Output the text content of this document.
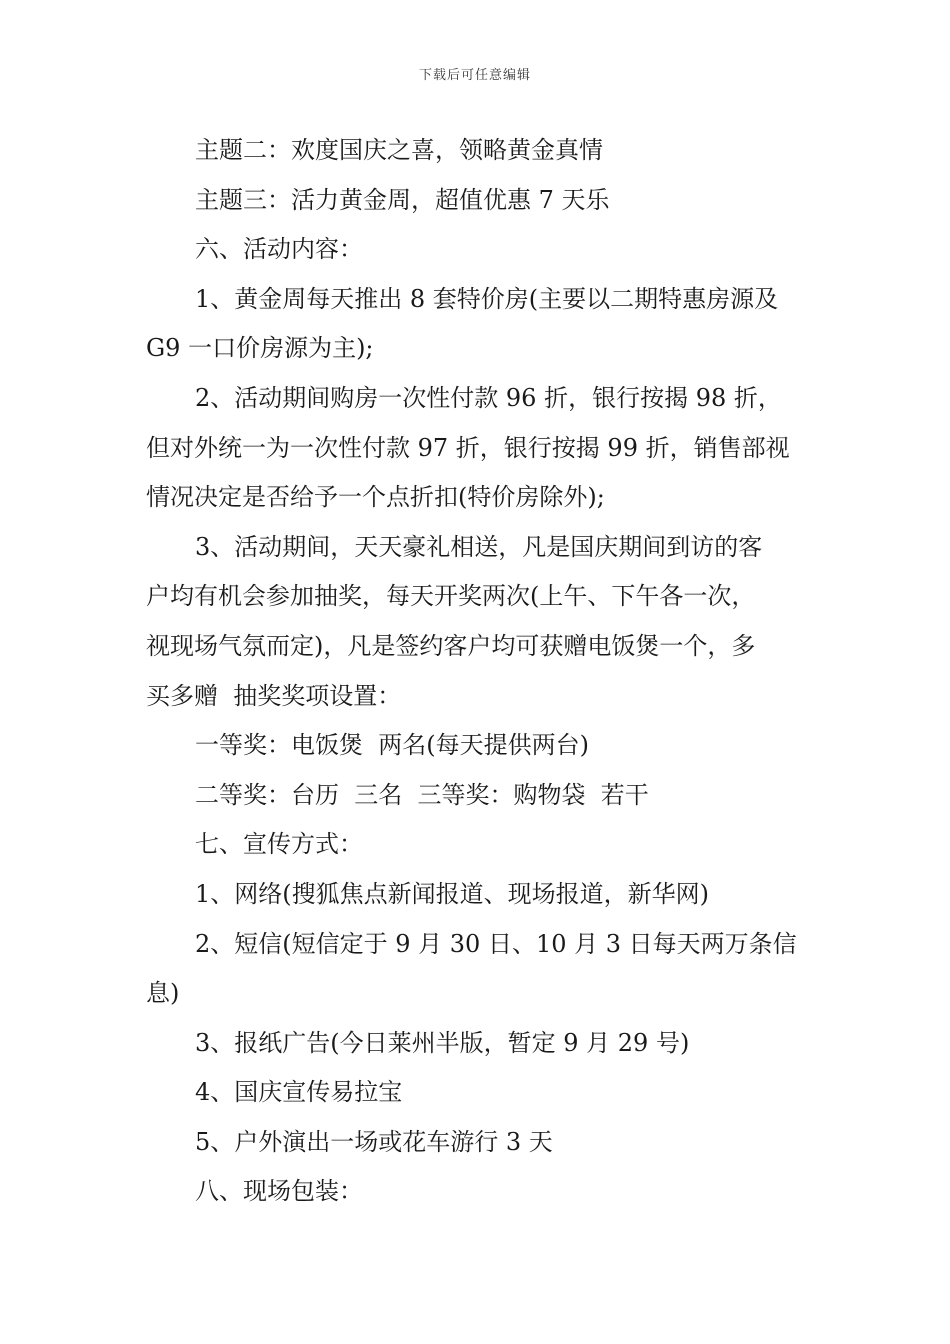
下载后可任意编辑
主题二：欢度国庆之喜，领略黄金真情
主题三：活力黄金周，超值优惠 7 天乐
六、活动内容：
1、黄金周每天推出 8 套特价房(主要以二期特惠房源及
G9 一口价房源为主);
2、活动期间购房一次性付款 96 折，银行按揭 98 折，
但对外统一为一次性付款 97 折，银行按揭 99 折，销售部视
情况决定是否给予一个点折扣(特价房除外);
3、活动期间，天天豪礼相送，凡是国庆期间到访的客
户均有机会参加抽奖，每天开奖两次(上午、下午各一次，
视现场气氛而定)，凡是签约客户均可获赠电饭煲一个，多
买多赠  抽奖奖项设置：
一等奖：电饭煲  两名(每天提供两台)
二等奖：台历  三名  三等奖：购物袋  若干
七、宣传方式：
1、网络(搜狐焦点新闻报道、现场报道，新华网)
2、短信(短信定于 9 月 30 日、10 月 3 日每天两万条信
息)
3、报纸广告(今日莱州半版，暂定 9 月 29 号)
4、国庆宣传易拉宝
5、户外演出一场或花车游行 3 天
八、现场包装：
